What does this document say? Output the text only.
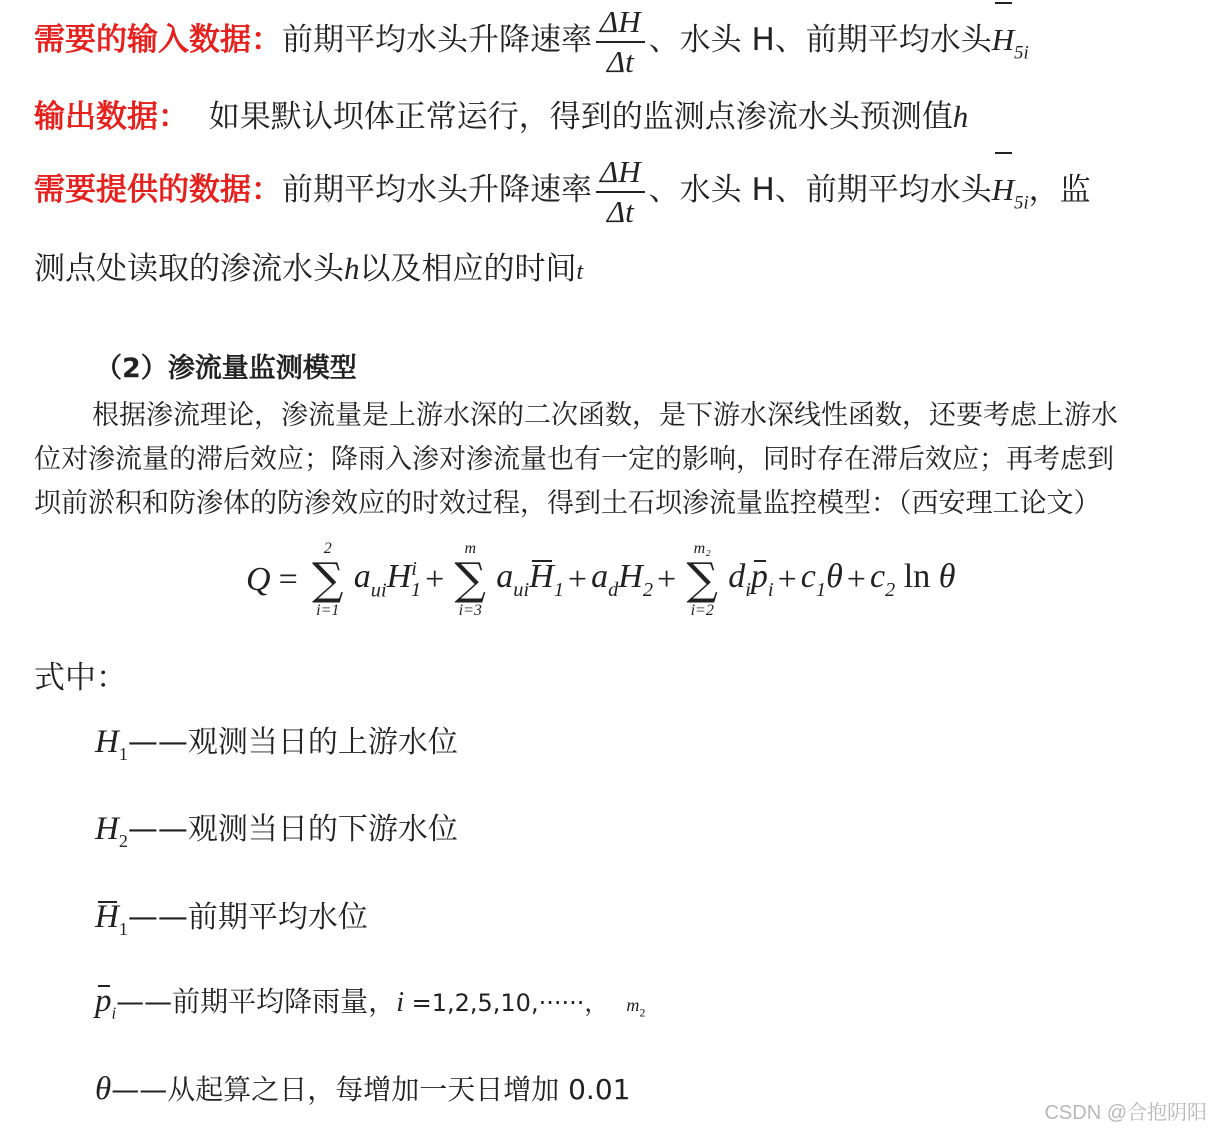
需要的输入数据：前期平均水头升降速率 $\frac{\Delta H}{\Delta t}$ 、水头 H、前期平均水头$H_{5i}$
输出数据： 如果默认坝体正常运行，得到的监测点渗流水头预测值h
需要提供的数据：前期平均水头升降速率 $\frac{\Delta H}{\Delta t}$ 、水头 H、前期平均水头$H_{5i}$，监
测点处读取的渗流水头h以及相应的时间t
（2）渗流量监测模型
根据渗流理论，渗流量是上游水深的二次函数，是下游水深线性函数，还要考虑上游水
位对渗流量的滞后效应；降雨入渗对渗流量也有一定的影响，同时存在滞后效应；再考虑到
坝前淤积和防渗体的防渗效应的时效过程，得到土石坝渗流量监控模型：（西安理工论文）
Q =
2
∑
i=1
$a_{ui}H^i_1$ +
m
∑
i=3
$a_{ui}H_1 + a_dH_2$ +
m₂
∑
i=2
$d_ip_i + c_1\theta + c_2$ ln θ
式中：
$H_1——$观测当日的上游水位
$H_2——$观测当日的下游水位
$H_1——$前期平均水位
$p_i——$前期平均降雨量，i =1,2,5,10,······， $m_2$
θ——从起算之日，每增加一天日增加 0.01
CSDN @合抱阴阳
